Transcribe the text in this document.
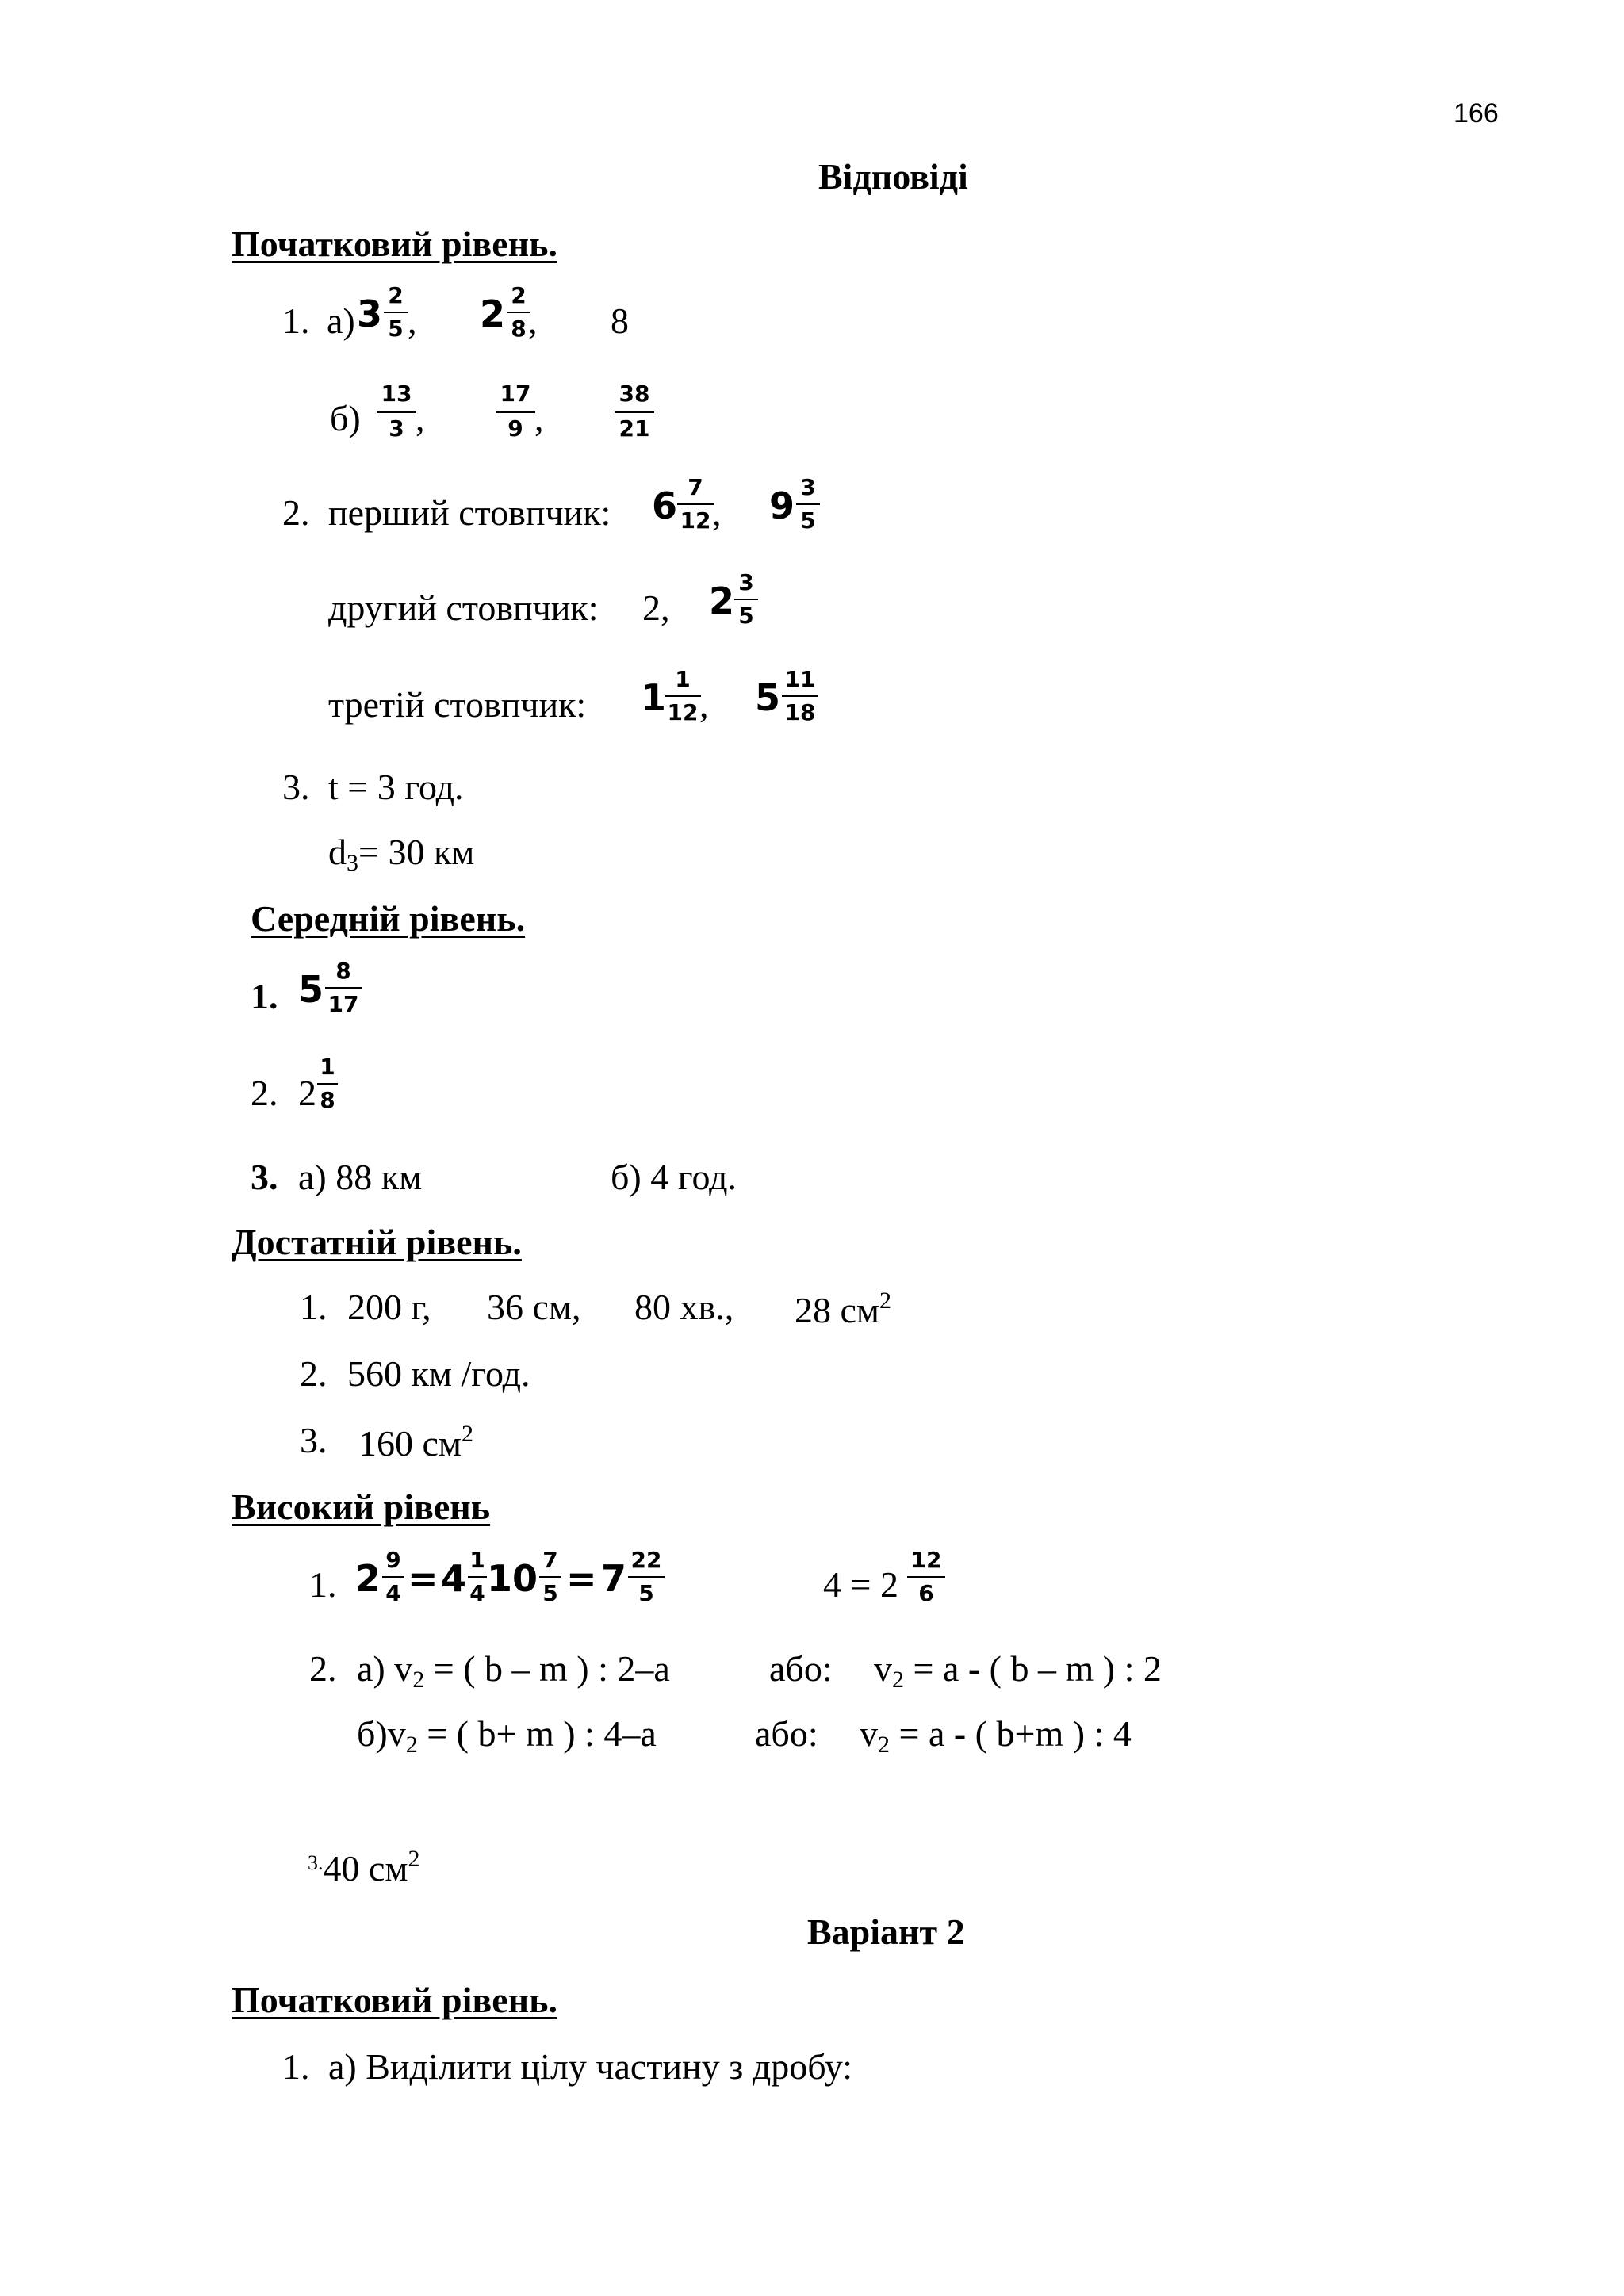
166
Відповіді
Початковий рівень.
1. а) 3 2
5 , 2 2
8 , 8
б)
13
3 ,
17
9 ,
38
21
2. перший стовпчик: 6 7
12 , 9 3
5
другий стовпчик: 2, 2 3
5
третій стовпчик: 1 1
12 , 5 11
18
3. t = 3 год.
$d_3= 30$ км
Середній рівень.
1. 5 8
17
2. 2
1
8
3. а) 88 км	б) 4 год.
Достатній рівень.
1. 200 г, 36 см, 80 хв., 28 $см^2$
2. 560 км /год.
3. 160 $см^2$
Високий рівень
1. 2 9
4 = 4 1
4 10 7
5 = 7 22
5	4 = 2
12
6
2. а) $v_2$ = ( b – m ) : 2–a	або: $v_2 = a$ - ( b – m ) : 2
$б)v_2$ = ( b+ m ) : 4–a	або: $v_2 = a$ - ( b+m ) : 4
$^{3.}$40 $см^2$
Варіант 2
Початковий рівень.
1. а) Виділити цілу частину з дробу:
